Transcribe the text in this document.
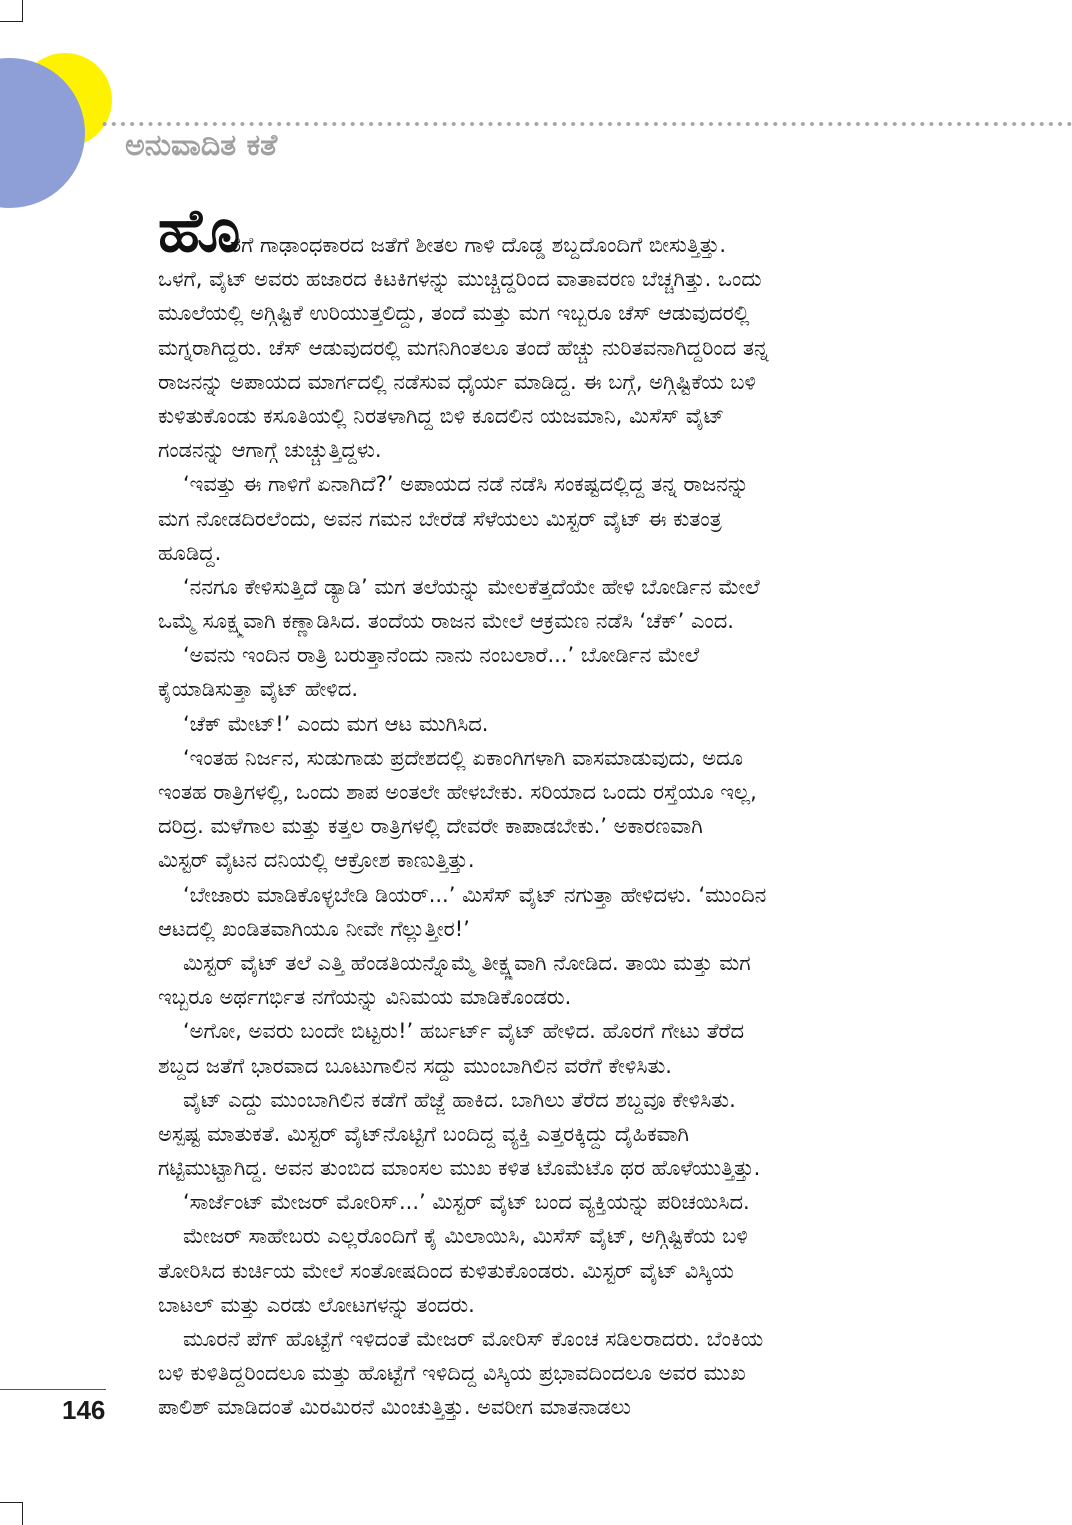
ಅನುವಾದಿತ ಕತೆ
ಹೊ
ರಗೆ ಗಾಢಾಂಧಕಾರದ ಜತೆಗೆ ಶೀತಲ ಗಾಳಿ ದೊಡ್ಡ ಶಬ್ದದೊಂದಿಗೆ ಬೀಸುತ್ತಿತ್ತು.
ಒಳಗೆ, ವೈಟ್ ಅವರು ಹಜಾರದ ಕಿಟಕಿಗಳನ್ನು ಮುಚ್ಚಿದ್ದರಿಂದ ವಾತಾವರಣ ಬೆಚ್ಚಗಿತ್ತು. ಒಂದು
ಮೂಲೆಯಲ್ಲಿ ಅಗ್ಗಿಷ್ಟಿಕೆ ಉರಿಯುತ್ತಲಿದ್ದು, ತಂದೆ ಮತ್ತು ಮಗ ಇಬ್ಬರೂ ಚೆಸ್ ಆಡುವುದರಲ್ಲಿ
ಮಗ್ನರಾಗಿದ್ದರು. ಚೆಸ್ ಆಡುವುದರಲ್ಲಿ ಮಗನಿಗಿಂತಲೂ ತಂದೆ ಹೆಚ್ಚು ನುರಿತವನಾಗಿದ್ದರಿಂದ ತನ್ನ
ರಾಜನನ್ನು ಅಪಾಯದ ಮಾರ್ಗದಲ್ಲಿ ನಡೆಸುವ ಧೈರ್ಯ ಮಾಡಿದ್ದ. ಈ ಬಗ್ಗೆ, ಅಗ್ಗಿಷ್ಟಿಕೆಯ ಬಳಿ
ಕುಳಿತುಕೊಂಡು ಕಸೂತಿಯಲ್ಲಿ ನಿರತಳಾಗಿದ್ದ ಬಿಳಿ ಕೂದಲಿನ ಯಜಮಾನಿ, ಮಿಸೆಸ್ ವೈಟ್
ಗಂಡನನ್ನು ಆಗಾಗ್ಗೆ ಚುಚ್ಚುತ್ತಿದ್ದಳು.
‘ಇವತ್ತು ಈ ಗಾಳಿಗೆ ಏನಾಗಿದೆ?’ ಅಪಾಯದ ನಡೆ ನಡೆಸಿ ಸಂಕಷ್ಟದಲ್ಲಿದ್ದ ತನ್ನ ರಾಜನನ್ನು
ಮಗ ನೋಡದಿರಲೆಂದು, ಅವನ ಗಮನ ಬೇರೆಡೆ ಸೆಳೆಯಲು ಮಿಸ್ಟರ್ ವೈಟ್ ಈ ಕುತಂತ್ರ
ಹೂಡಿದ್ದ.
‘ನನಗೂ ಕೇಳಿಸುತ್ತಿದೆ ಡ್ಯಾಡಿ’ ಮಗ ತಲೆಯನ್ನು ಮೇಲಕೆತ್ತದೆಯೇ ಹೇಳಿ ಬೋರ್ಡಿನ ಮೇಲೆ
ಒಮ್ಮೆ ಸೂಕ್ಷ್ಮವಾಗಿ ಕಣ್ಣಾಡಿಸಿದ. ತಂದೆಯ ರಾಜನ ಮೇಲೆ ಆಕ್ರಮಣ ನಡೆಸಿ ‘ಚೆಕ್’ ಎಂದ.
‘ಅವನು ಇಂದಿನ ರಾತ್ರಿ ಬರುತ್ತಾನೆಂದು ನಾನು ನಂಬಲಾರೆ...’ ಬೋರ್ಡಿನ ಮೇಲೆ
ಕೈಯಾಡಿಸುತ್ತಾ ವೈಟ್ ಹೇಳಿದ.
‘ಚೆಕ್ ಮೇಟ್!’ ಎಂದು ಮಗ ಆಟ ಮುಗಿಸಿದ.
‘ಇಂತಹ ನಿರ್ಜನ, ಸುಡುಗಾಡು ಪ್ರದೇಶದಲ್ಲಿ ಏಕಾಂಗಿಗಳಾಗಿ ವಾಸಮಾಡುವುದು, ಅದೂ
ಇಂತಹ ರಾತ್ರಿಗಳಲ್ಲಿ, ಒಂದು ಶಾಪ ಅಂತಲೇ ಹೇಳಬೇಕು. ಸರಿಯಾದ ಒಂದು ರಸ್ತೆಯೂ ಇಲ್ಲ,
ದರಿದ್ರ. ಮಳೆಗಾಲ ಮತ್ತು ಕತ್ತಲ ರಾತ್ರಿಗಳಲ್ಲಿ ದೇವರೇ ಕಾಪಾಡಬೇಕು.’ ಅಕಾರಣವಾಗಿ
ಮಿಸ್ಟರ್ ವೈಟನ ದನಿಯಲ್ಲಿ ಆಕ್ರೋಶ ಕಾಣುತ್ತಿತ್ತು.
‘ಬೇಜಾರು ಮಾಡಿಕೊಳ್ಳಬೇಡಿ ಡಿಯರ್...’ ಮಿಸೆಸ್ ವೈಟ್ ನಗುತ್ತಾ ಹೇಳಿದಳು. ‘ಮುಂದಿನ
ಆಟದಲ್ಲಿ ಖಂಡಿತವಾಗಿಯೂ ನೀವೇ ಗೆಲ್ಲುತ್ತೀರ!’
ಮಿಸ್ಟರ್ ವೈಟ್ ತಲೆ ಎತ್ತಿ ಹೆಂಡತಿಯನ್ನೊಮ್ಮೆ ತೀಕ್ಷ್ಣವಾಗಿ ನೋಡಿದ. ತಾಯಿ ಮತ್ತು ಮಗ
ಇಬ್ಬರೂ ಅರ್ಥಗರ್ಭಿತ ನಗೆಯನ್ನು ವಿನಿಮಯ ಮಾಡಿಕೊಂಡರು.
‘ಅಗೋ, ಅವರು ಬಂದೇ ಬಿಟ್ಟರು!’ ಹರ್ಬರ್ಟ್ ವೈಟ್ ಹೇಳಿದ. ಹೊರಗೆ ಗೇಟು ತೆರೆದ
ಶಬ್ದದ ಜತೆಗೆ ಭಾರವಾದ ಬೂಟುಗಾಲಿನ ಸದ್ದು ಮುಂಬಾಗಿಲಿನ ವರೆಗೆ ಕೇಳಿಸಿತು.
ವೈಟ್ ಎದ್ದು ಮುಂಬಾಗಿಲಿನ ಕಡೆಗೆ ಹೆಜ್ಜೆ ಹಾಕಿದ. ಬಾಗಿಲು ತೆರೆದ ಶಬ್ದವೂ ಕೇಳಿಸಿತು.
ಅಸ್ಪಷ್ಟ ಮಾತುಕತೆ. ಮಿಸ್ಟರ್ ವೈಟ್‌ನೊಟ್ಟಿಗೆ ಬಂದಿದ್ದ ವ್ಯಕ್ತಿ ಎತ್ತರಕ್ಕಿದ್ದು ದೈಹಿಕವಾಗಿ
ಗಟ್ಟಿಮುಟ್ಟಾಗಿದ್ದ. ಅವನ ತುಂಬಿದ ಮಾಂಸಲ ಮುಖ ಕಳಿತ ಟೊಮೆಟೊ ಥರ ಹೊಳೆಯುತ್ತಿತ್ತು.
‘ಸಾರ್ಜೆಂಟ್ ಮೇಜರ್ ಮೋರಿಸ್...’ ಮಿಸ್ಟರ್ ವೈಟ್ ಬಂದ ವ್ಯಕ್ತಿಯನ್ನು ಪರಿಚಯಿಸಿದ.
ಮೇಜರ್ ಸಾಹೇಬರು ಎಲ್ಲರೊಂದಿಗೆ ಕೈ ಮಿಲಾಯಿಸಿ, ಮಿಸೆಸ್ ವೈಟ್, ಅಗ್ಗಿಷ್ಟಿಕೆಯ ಬಳಿ
ತೋರಿಸಿದ ಕುರ್ಚಿಯ ಮೇಲೆ ಸಂತೋಷದಿಂದ ಕುಳಿತುಕೊಂಡರು. ಮಿಸ್ಟರ್ ವೈಟ್ ವಿಸ್ಕಿಯ
ಬಾಟಲ್ ಮತ್ತು ಎರಡು ಲೋಟಗಳನ್ನು ತಂದರು.
ಮೂರನೆ ಪೆಗ್ ಹೊಟ್ಟೆಗೆ ಇಳಿದಂತೆ ಮೇಜರ್ ಮೋರಿಸ್ ಕೊಂಚ ಸಡಿಲರಾದರು. ಬೆಂಕಿಯ
ಬಳಿ ಕುಳಿತಿದ್ದರಿಂದಲೂ ಮತ್ತು ಹೊಟ್ಟೆಗೆ ಇಳಿದಿದ್ದ ವಿಸ್ಕಿಯ ಪ್ರಭಾವದಿಂದಲೂ ಅವರ ಮುಖ
ಪಾಲಿಶ್ ಮಾಡಿದಂತೆ ಮಿರಮಿರನೆ ಮಿಂಚುತ್ತಿತ್ತು. ಅವರೀಗ ಮಾತನಾಡಲು
146
